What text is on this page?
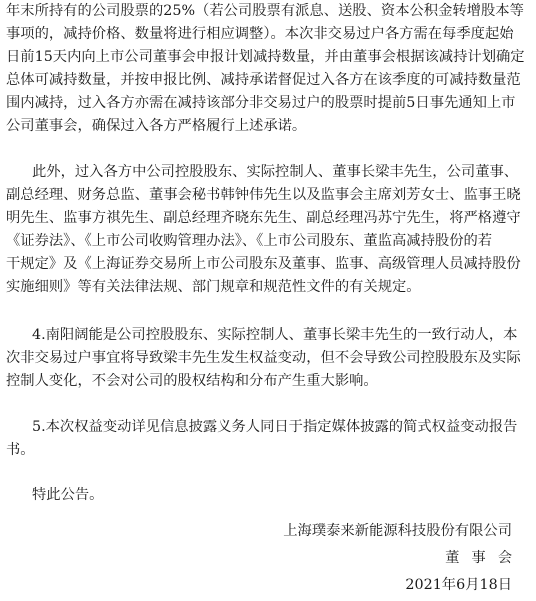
年末所持有的公司股票的25%（若公司股票有派息、送股、资本公积金转增股本等
事项的，减持价格、数量将进行相应调整）。本次非交易过户各方需在每季度起始
日前15天内向上市公司董事会申报计划减持数量，并由董事会根据该减持计划确定
总体可减持数量，并按申报比例、减持承诺督促过入各方在该季度的可减持数量范
围内减持，过入各方亦需在减持该部分非交易过户的股票时提前5日事先通知上市
公司董事会，确保过入各方严格履行上述承诺。
此外，过入各方中公司控股股东、实际控制人、董事长梁丰先生，公司董事、
副总经理、财务总监、董事会秘书韩钟伟先生以及监事会主席刘芳女士、监事王晓
明先生、监事方祺先生、副总经理齐晓东先生、副总经理冯苏宁先生，将严格遵守
《证券法》、《上市公司收购管理办法》、《上市公司股东、董监高减持股份的若
干规定》及《上海证券交易所上市公司股东及董事、监事、高级管理人员减持股份
实施细则》等有关法律法规、部门规章和规范性文件的有关规定。
4.南阳阔能是公司控股股东、实际控制人、董事长梁丰先生的一致行动人，本
次非交易过户事宜将导致梁丰先生发生权益变动，但不会导致公司控股股东及实际
控制人变化，不会对公司的股权结构和分布产生重大影响。
5.本次权益变动详见信息披露义务人同日于指定媒体披露的简式权益变动报告
书。
特此公告。
上海璞泰来新能源科技股份有限公司
董事会
2021年6月18日
